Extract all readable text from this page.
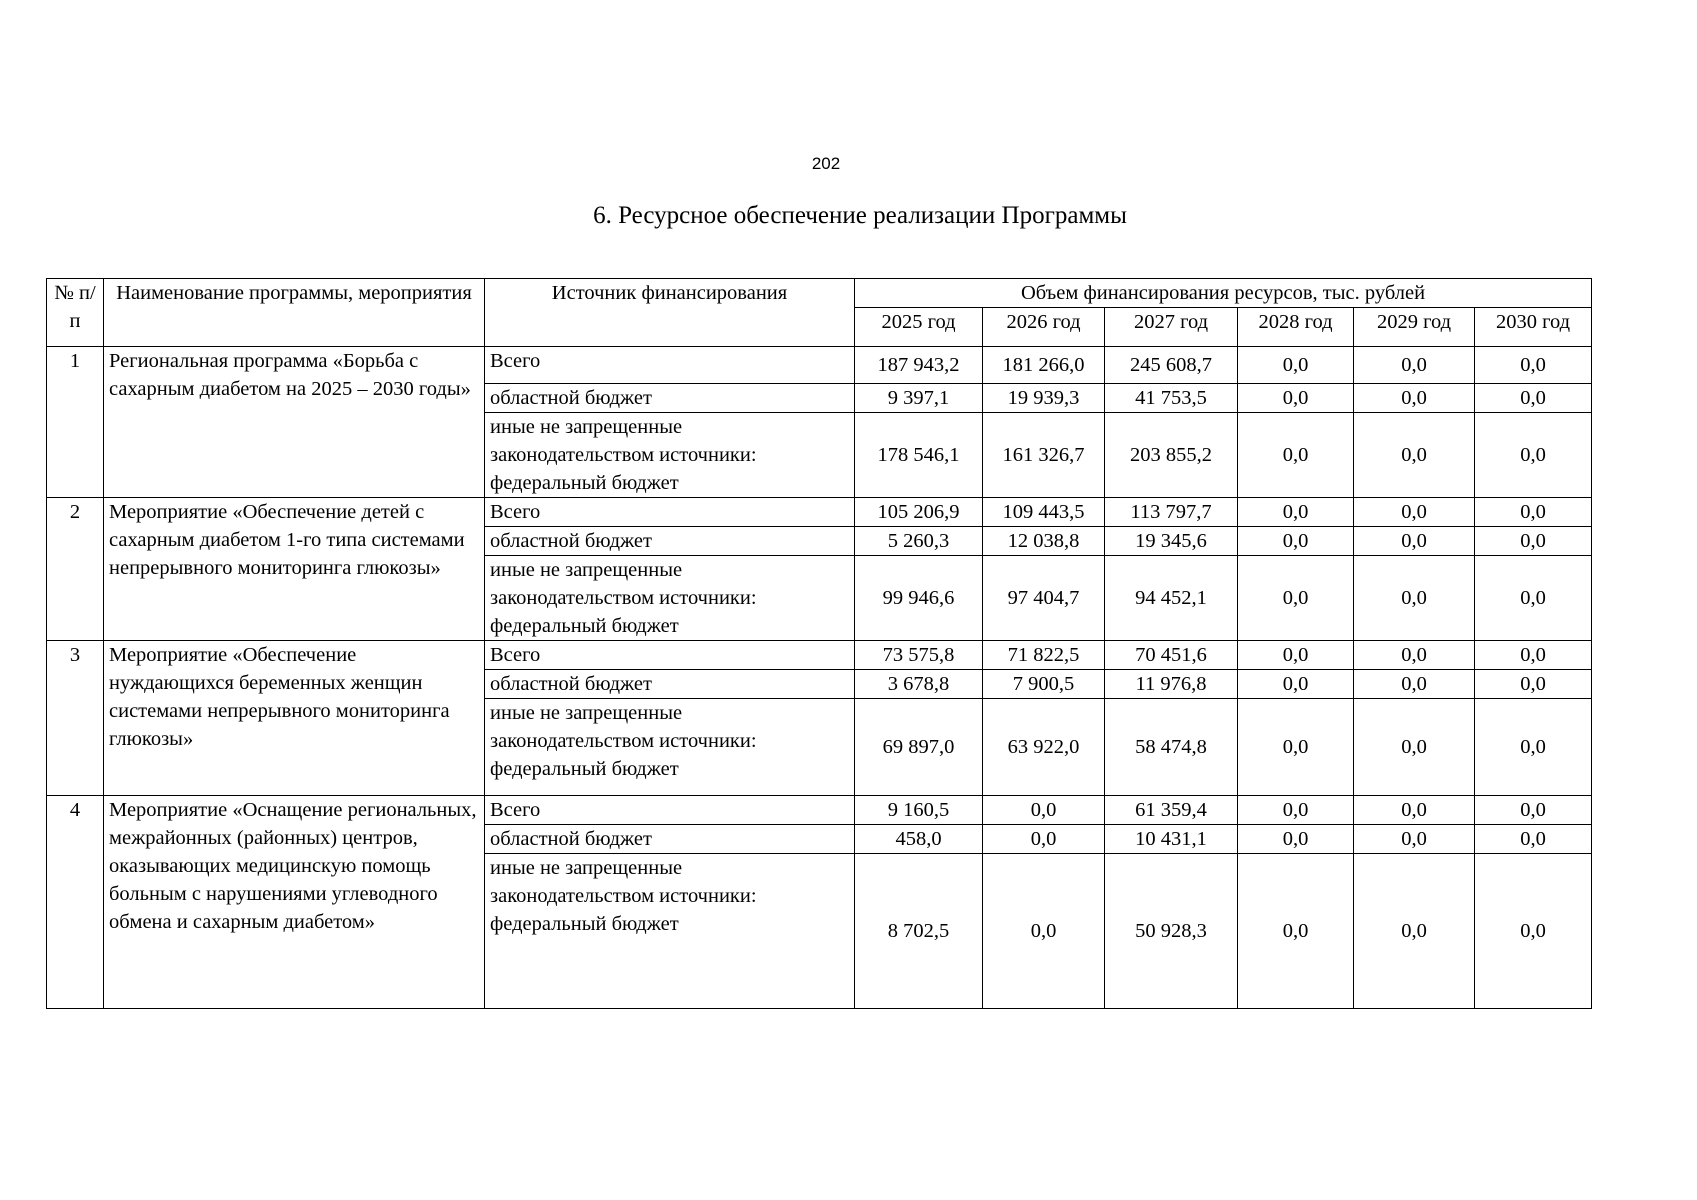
202
6. Ресурсное обеспечение реализации Программы
№ п/п	Наименование программы, мероприятия	Источник финансирования	Объем финансирования ресурсов, тыс. рублей					
			2025 год	2026 год	2027 год	2028 год	2029 год	2030 год
1	Региональная программа «Борьба с сахарным диабетом на 2025 – 2030 годы»	Всего	187 943,2	181 266,0	245 608,7	0,0	0,0	0,0
		областной бюджет	9 397,1	19 939,3	41 753,5	0,0	0,0	0,0
		иные не запрещенные законодательством источники: федеральный бюджет	178 546,1	161 326,7	203 855,2	0,0	0,0	0,0
2	Мероприятие «Обеспечение детей с сахарным диабетом 1-го типа системами непрерывного мониторинга глюкозы»	Всего	105 206,9	109 443,5	113 797,7	0,0	0,0	0,0
		областной бюджет	5 260,3	12 038,8	19 345,6	0,0	0,0	0,0
		иные не запрещенные законодательством источники: федеральный бюджет	99 946,6	97 404,7	94 452,1	0,0	0,0	0,0
3	Мероприятие «Обеспечение нуждающихся беременных женщин системами непрерывного мониторинга глюкозы»	Всего	73 575,8	71 822,5	70 451,6	0,0	0,0	0,0
		областной бюджет	3 678,8	7 900,5	11 976,8	0,0	0,0	0,0
		иные не запрещенные законодательством источники: федеральный бюджет	69 897,0	63 922,0	58 474,8	0,0	0,0	0,0
4	Мероприятие «Оснащение региональных, межрайонных (районных) центров, оказывающих медицинскую помощь больным с нарушениями углеводного обмена и сахарным диабетом»	Всего	9 160,5	0,0	61 359,4	0,0	0,0	0,0
		областной бюджет	458,0	0,0	10 431,1	0,0	0,0	0,0
		иные не запрещенные законодательством источники: федеральный бюджет	8 702,5	0,0	50 928,3	0,0	0,0	0,0
